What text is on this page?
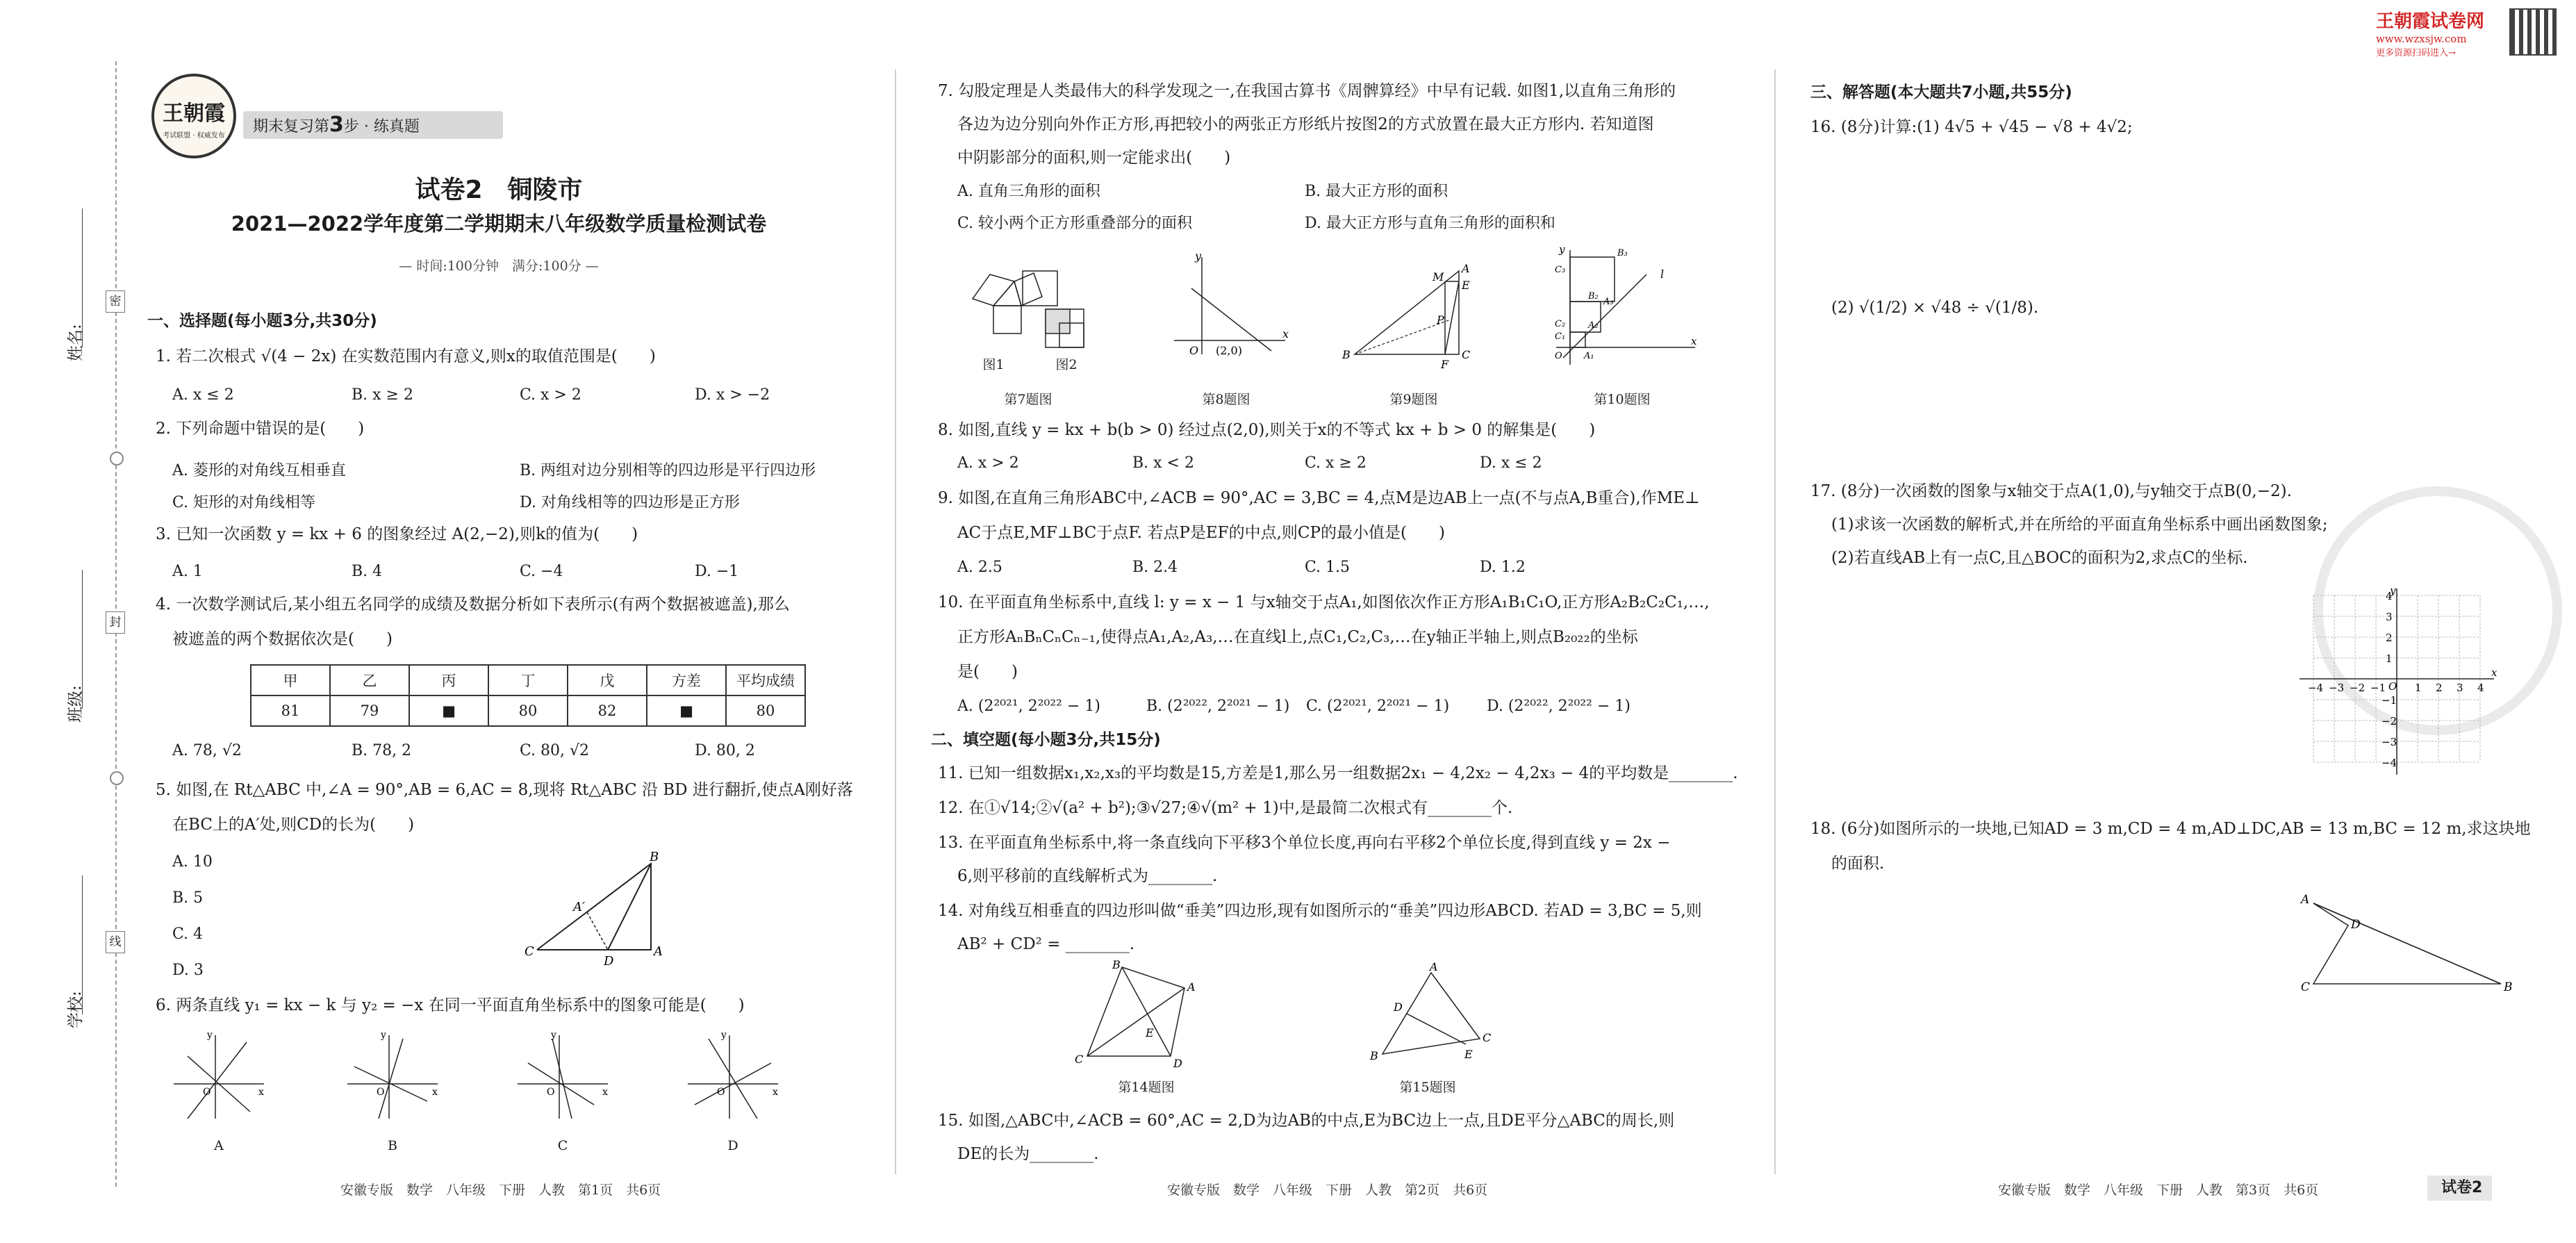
姓名:
班级:
学校:
密
封
线
王朝霞
考试联盟 · 权威发布
期末复习第3步 · 练真题
试卷2　铜陵市
2021—2022学年度第二学期期末八年级数学质量检测试卷
— 时间:100分钟　满分:100分 —
一、选择题(每小题3分,共30分)
1. 若二次根式 √(4 − 2x) 在实数范围内有意义,则x的取值范围是(　　)
A. x ≤ 2	B. x ≥ 2	C. x > 2	D. x > −2
2. 下列命题中错误的是(　　)
A. 菱形的对角线互相垂直	B. 两组对边分别相等的四边形是平行四边形
C. 矩形的对角线相等	D. 对角线相等的四边形是正方形
3. 已知一次函数 y = kx + 6 的图象经过 A(2,−2),则k的值为(　　)
A. 1	B. 4	C. −4	D. −1
4. 一次数学测试后,某小组五名同学的成绩及数据分析如下表所示(有两个数据被遮盖),那么
被遮盖的两个数据依次是(　　)
甲	乙	丙	丁	戊	方差	平均成绩
81	79	■	80	82	■	80
A. 78, √2	B. 78, 2	C. 80, √2	D. 80, 2
5. 如图,在 Rt△ABC 中,∠A = 90°,AB = 6,AC = 8,现将 Rt△ABC 沿 BD 进行翻折,使点A刚好落
在BC上的A′处,则CD的长为(　　)
A. 10
B. 5
C. 4
D. 3
C	A
B
D
A′
6. 两条直线 y₁ = kx − k 与 y₂ = −x 在同一平面直角坐标系中的图象可能是(　　)
y
x
O
y
x
O
y
x
O
y
x
O
A	B	C	D
安徽专版　数学　八年级　下册　人教　第1页　共6页
7. 勾股定理是人类最伟大的科学发现之一,在我国古算书《周髀算经》中早有记载. 如图1,以直角三角形的
各边为边分别向外作正方形,再把较小的两张正方形纸片按图2的方式放置在最大正方形内. 若知道图
中阴影部分的面积,则一定能求出(　　)
A. 直角三角形的面积	B. 最大正方形的面积
C. 较小两个正方形重叠部分的面积	D. 最大正方形与直角三角形的面积和
图1	图2
第7题图
y
x
O (2,0)
第8题图
B	C
A
M
E
F
P
第9题图
y
x
O
l
B₃
C₃
C₂
C₁
A₃
A₂
A₁
B₂
第10题图
8. 如图,直线 y = kx + b(b > 0) 经过点(2,0),则关于x的不等式 kx + b > 0 的解集是(　　)
A. x > 2	B. x < 2	C. x ≥ 2	D. x ≤ 2
9. 如图,在直角三角形ABC中,∠ACB = 90°,AC = 3,BC = 4,点M是边AB上一点(不与点A,B重合),作ME⊥
AC于点E,MF⊥BC于点F. 若点P是EF的中点,则CP的最小值是(　　)
A. 2.5	B. 2.4	C. 1.5	D. 1.2
10. 在平面直角坐标系中,直线 l: y = x − 1 与x轴交于点A₁,如图依次作正方形A₁B₁C₁O,正方形A₂B₂C₂C₁,…,
正方形AₙBₙCₙCₙ₋₁,使得点A₁,A₂,A₃,…在直线l上,点C₁,C₂,C₃,…在y轴正半轴上,则点B₂₀₂₂的坐标
是(　　)
A. (2²⁰²¹, 2²⁰²² − 1)	B. (2²⁰²², 2²⁰²¹ − 1) C. (2²⁰²¹, 2²⁰²¹ − 1) D. (2²⁰²², 2²⁰²² − 1)
二、填空题(每小题3分,共15分)
11. 已知一组数据x₁,x₂,x₃的平均数是15,方差是1,那么另一组数据2x₁ − 4,2x₂ − 4,2x₃ − 4的平均数是________.
12. 在①√14;②√(a² + b²);③√27;④√(m² + 1)中,是最简二次根式有________个.
13. 在平面直角坐标系中,将一条直线向下平移3个单位长度,再向右平移2个单位长度,得到直线 y = 2x −
6,则平移前的直线解析式为________.
14. 对角线互相垂直的四边形叫做“垂美”四边形,现有如图所示的“垂美”四边形ABCD. 若AD = 3,BC = 5,则
AB² + CD² = ________.
B
A
D
C
E
第14题图
B
A
C
D
E
第15题图
15. 如图,△ABC中,∠ACB = 60°,AC = 2,D为边AB的中点,E为BC边上一点,且DE平分△ABC的周长,则
DE的长为________.
安徽专版　数学　八年级　下册　人教　第2页　共6页
王朝霞试卷网
www.wzxsjw.com
更多资源扫码进入→
三、解答题(本大题共7小题,共55分)
16. (8分)计算:(1) 4√5 + √45 − √8 + 4√2;
(2) √(1/2) × √48 ÷ √(1/8).
17. (8分)一次函数的图象与x轴交于点A(1,0),与y轴交于点B(0,−2).
(1)求该一次函数的解析式,并在所给的平面直角坐标系中画出函数图象;
(2)若直线AB上有一点C,且△BOC的面积为2,求点C的坐标.
x
y
O
−4 −3 −2 −1	1 2 3 4
4
3
2
1
−1
−2
−3
−4
18. (6分)如图所示的一块地,已知AD = 3 m,CD = 4 m,AD⊥DC,AB = 13 m,BC = 12 m,求这块地
的面积.
A
D
C	B
安徽专版　数学　八年级　下册　人教　第3页　共6页	试卷2
